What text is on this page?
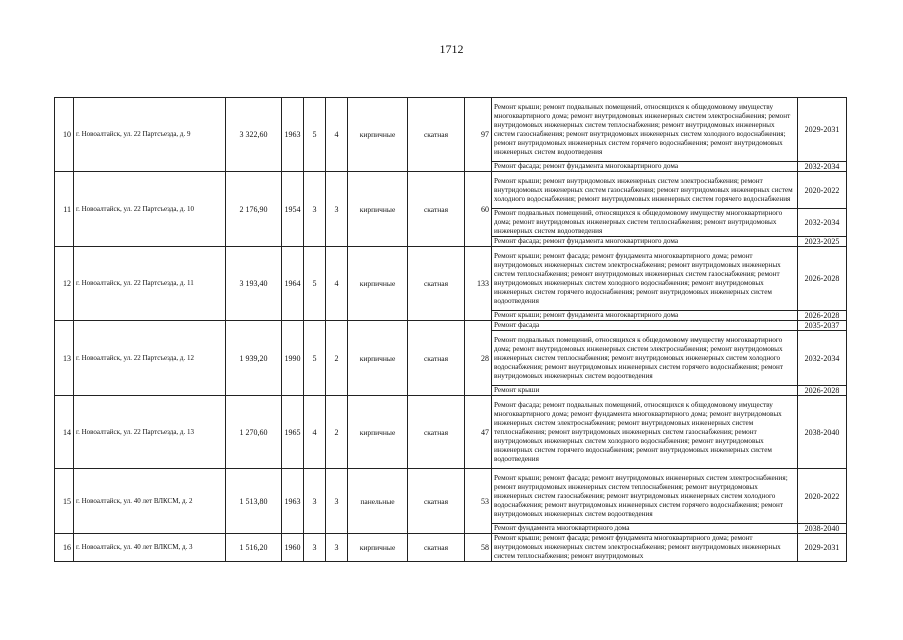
1712
10	г. Новоалтайск, ул. 22 Партсъезда, д. 9	3 322,60	1963	5	4	кирпичные	скатная	97	Ремонт крыши; ремонт подвальных помещений, относящихся к общедомовому имуществу многоквартирного дома; ремонт внутридомовых инженерных систем электроснабжения; ремонт внутридомовых инженерных систем теплоснабжения; ремонт внутридомовых инженерных систем газоснабжения; ремонт внутридомовых инженерных систем холодного водоснабжения; ремонт внутридомовых инженерных систем горячего водоснабжения; ремонт внутридомовых инженерных систем водоотведения	2029-2031
									Ремонт фасада; ремонт фундамента многоквартирного дома	2032-2034
11	г. Новоалтайск, ул. 22 Партсъезда, д. 10	2 176,90	1954	3	3	кирпичные	скатная	60	Ремонт крыши; ремонт внутридомовых инженерных систем электроснабжения; ремонт внутридомовых инженерных систем газоснабжения; ремонт внутридомовых инженерных систем холодного водоснабжения; ремонт внутридомовых инженерных систем горячего водоснабжения	2020-2022
									Ремонт подвальных помещений, относящихся к общедомовому имуществу многоквартирного дома; ремонт внутридомовых инженерных систем теплоснабжения; ремонт внутридомовых инженерных систем водоотведения	2032-2034
									Ремонт фасада; ремонт фундамента многоквартирного дома	2023-2025
12	г. Новоалтайск, ул. 22 Партсъезда, д. 11	3 193,40	1964	5	4	кирпичные	скатная	133	Ремонт крыши; ремонт фасада; ремонт фундамента многоквартирного дома; ремонт внутридомовых инженерных систем электроснабжения; ремонт внутридомовых инженерных систем теплоснабжения; ремонт внутридомовых инженерных систем газоснабжения; ремонт внутридомовых инженерных систем холодного водоснабжения; ремонт внутридомовых инженерных систем горячего водоснабжения; ремонт внутридомовых инженерных систем водоотведения	2026-2028
									Ремонт крыши; ремонт фундамента многоквартирного дома	2026-2028
13	г. Новоалтайск, ул. 22 Партсъезда, д. 12	1 939,20	1990	5	2	кирпичные	скатная	28	Ремонт фасада	2035-2037
									Ремонт подвальных помещений, относящихся к общедомовому имуществу многоквартирного дома; ремонт внутридомовых инженерных систем электроснабжения; ремонт внутридомовых инженерных систем теплоснабжения; ремонт внутридомовых инженерных систем холодного водоснабжения; ремонт внутридомовых инженерных систем горячего водоснабжения; ремонт внутридомовых инженерных систем водоотведения	2032-2034
									Ремонт крыши	2026-2028
14	г. Новоалтайск, ул. 22 Партсъезда, д. 13	1 270,60	1965	4	2	кирпичные	скатная	47	Ремонт фасада; ремонт подвальных помещений, относящихся к общедомовому имуществу многоквартирного дома; ремонт фундамента многоквартирного дома; ремонт внутридомовых инженерных систем электроснабжения; ремонт внутридомовых инженерных систем теплоснабжения; ремонт внутридомовых инженерных систем газоснабжения; ремонт внутридомовых инженерных систем холодного водоснабжения; ремонт внутридомовых инженерных систем горячего водоснабжения; ремонт внутридомовых инженерных систем водоотведения	2038-2040
15	г. Новоалтайск, ул. 40 лет ВЛКСМ, д. 2	1 513,80	1963	3	3	панельные	скатная	53	Ремонт крыши; ремонт фасада; ремонт внутридомовых инженерных систем электроснабжения; ремонт внутридомовых инженерных систем теплоснабжения; ремонт внутридомовых инженерных систем газоснабжения; ремонт внутридомовых инженерных систем холодного водоснабжения; ремонт внутридомовых инженерных систем горячего водоснабжения; ремонт внутридомовых инженерных систем водоотведения	2020-2022
									Ремонт фундамента многоквартирного дома	2038-2040
16	г. Новоалтайск, ул. 40 лет ВЛКСМ, д. 3	1 516,20	1960	3	3	кирпичные	скатная	58	Ремонт крыши; ремонт фасада; ремонт фундамента многоквартирного дома; ремонт внутридомовых инженерных систем электроснабжения; ремонт внутридомовых инженерных систем теплоснабжения; ремонт внутридомовых	2029-2031
